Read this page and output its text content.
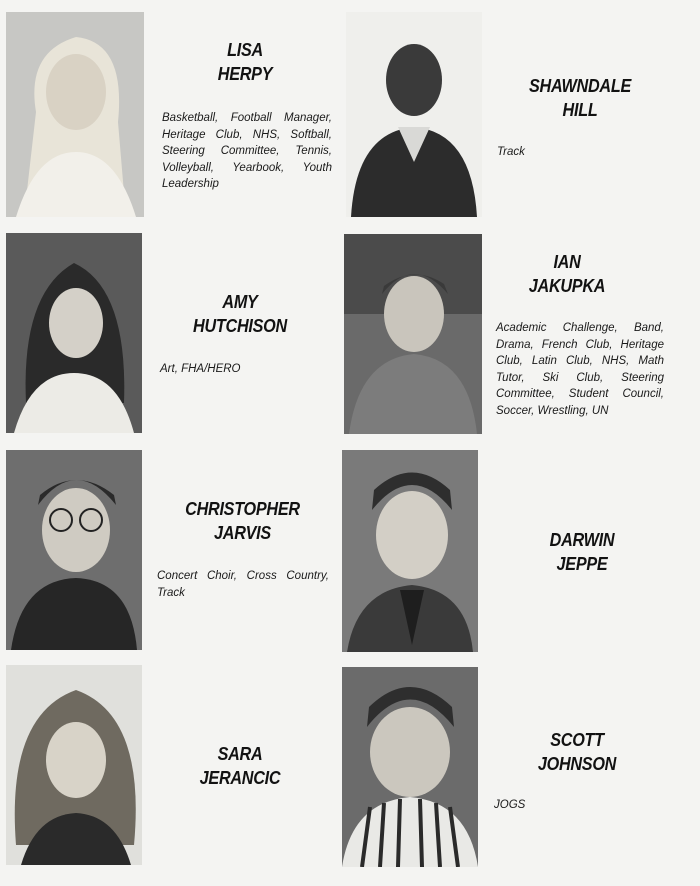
LISA
HERPY
Basketball, Football Manager, Heritage Club, NHS, Softball, Steering Committee, Tennis, Volleyball, Yearbook, Youth Leadership
SHAWNDALE
HILL
Track
AMY
HUTCHISON
Art, FHA/HERO
IAN
JAKUPKA
Academic Challenge, Band, Drama, French Club, Heritage Club, Latin Club, NHS, Math Tutor, Ski Club, Steering Committee, Student Council, Soccer, Wrestling, UN
CHRISTOPHER
JARVIS
Concert Choir, Cross Country, Track
DARWIN
JEPPE
SARA
JERANCIC
SCOTT
JOHNSON
JOGS
